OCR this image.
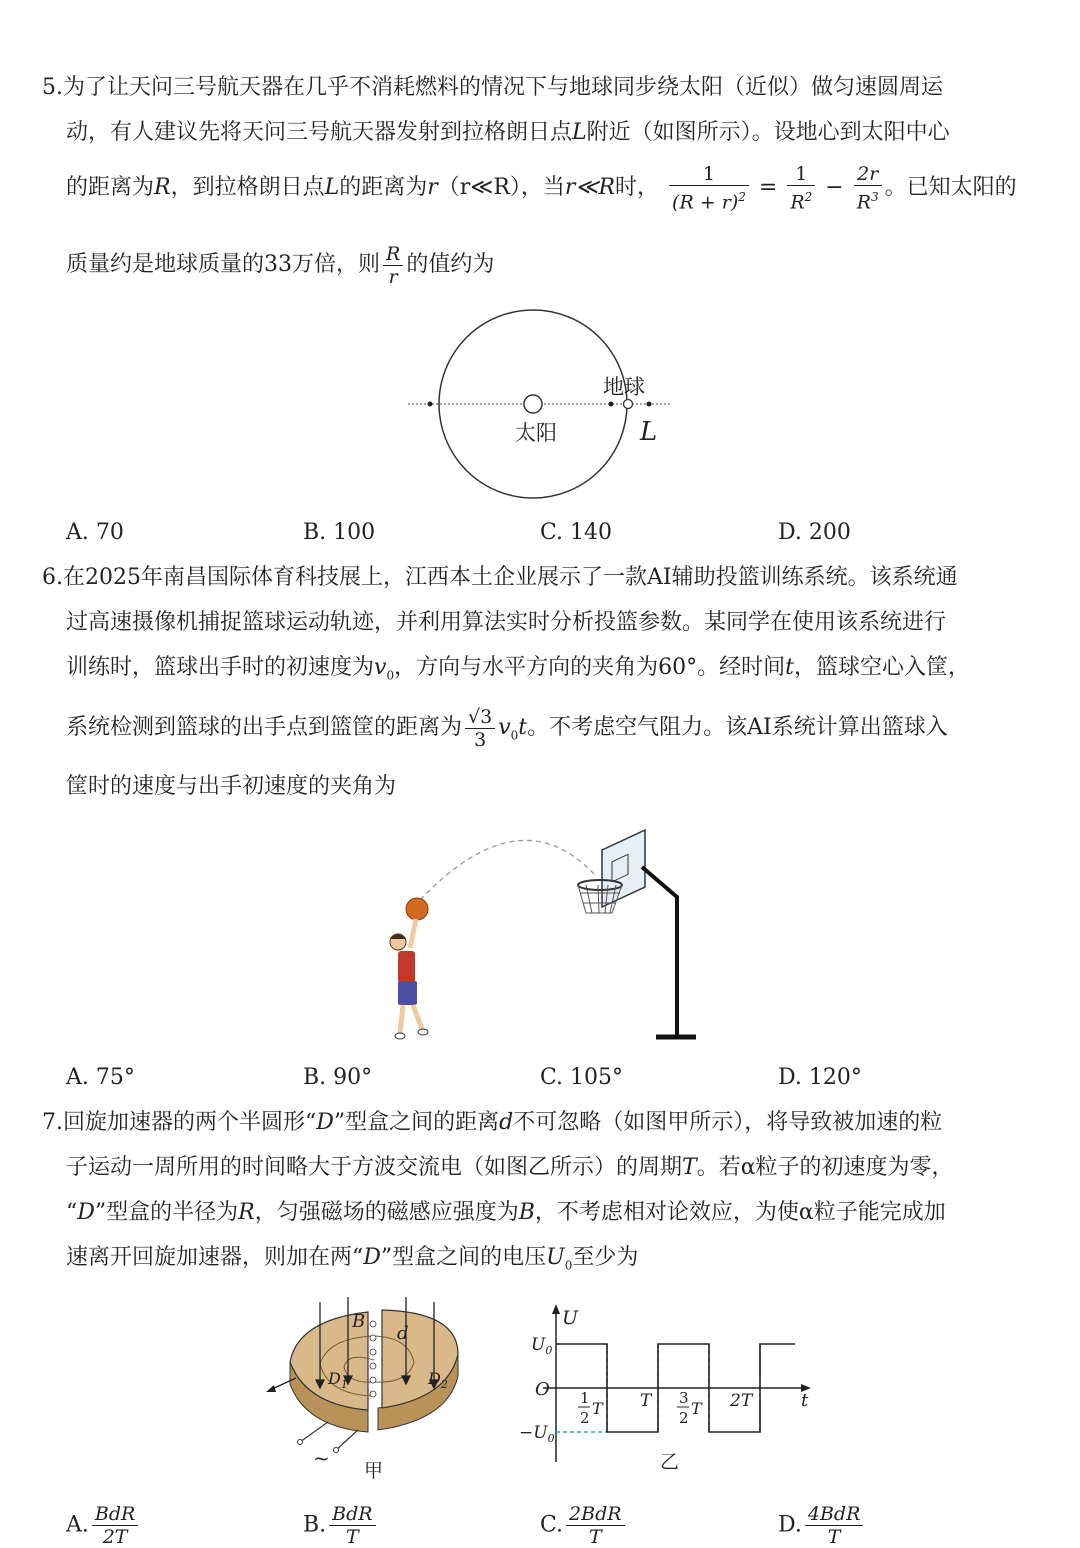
5.为了让天问三号航天器在几乎不消耗燃料的情况下与地球同步绕太阳（近似）做匀速圆周运
动，有人建议先将天问三号航天器发射到拉格朗日点L附近（如图所示）。设地心到太阳中心
的距离为R，到拉格朗日点L的距离为r（r≪R），当r≪R时， $\frac{1}{(R + r)^2} = \frac{1}{R^2} - \frac{2r}{R^3}$ 。已知太阳的
质量约是地球质量的33万倍，则 $\frac{R}{r}$ 的值约为
地球
太阳	L
A. 70	B. 100	C. 140	D. 200
6.在2025年南昌国际体育科技展上，江西本土企业展示了一款AI辅助投篮训练系统。该系统通
过高速摄像机捕捉篮球运动轨迹，并利用算法实时分析投篮参数。某同学在使用该系统进行
训练时，篮球出手时的初速度为$v_0$，方向与水平方向的夹角为60°。经时间t，篮球空心入筐，
系统检测到篮球的出手点到篮筐的距离为 $\frac{√3}{3} v_0t$。不考虑空气阻力。该AI系统计算出篮球入
筐时的速度与出手初速度的夹角为
A. 75°	B. 90°	C. 105°	D. 120°
7.回旋加速器的两个半圆形“D”型盒之间的距离d不可忽略（如图甲所示），将导致被加速的粒
子运动一周所用的时间略大于方波交流电（如图乙所示）的周期T。若α粒子的初速度为零，
“D”型盒的半径为R，匀强磁场的磁感应强度为B，不考虑相对论效应，为使α粒子能完成加
速离开回旋加速器，则加在两“D”型盒之间的电压$U_0$至少为
B
d
$D_1$	$D_2$
~
甲
U
$U_0$
O
$-U_0$
t
1
2 T T 3
2 T 2T
乙
A. $\frac{\text{BdR}}{2T}$	B. $\frac{\text{BdR}}{T}$	C. $\frac{\text{2BdR}}{T}$	D. $\frac{\text{4BdR}}{T}$
